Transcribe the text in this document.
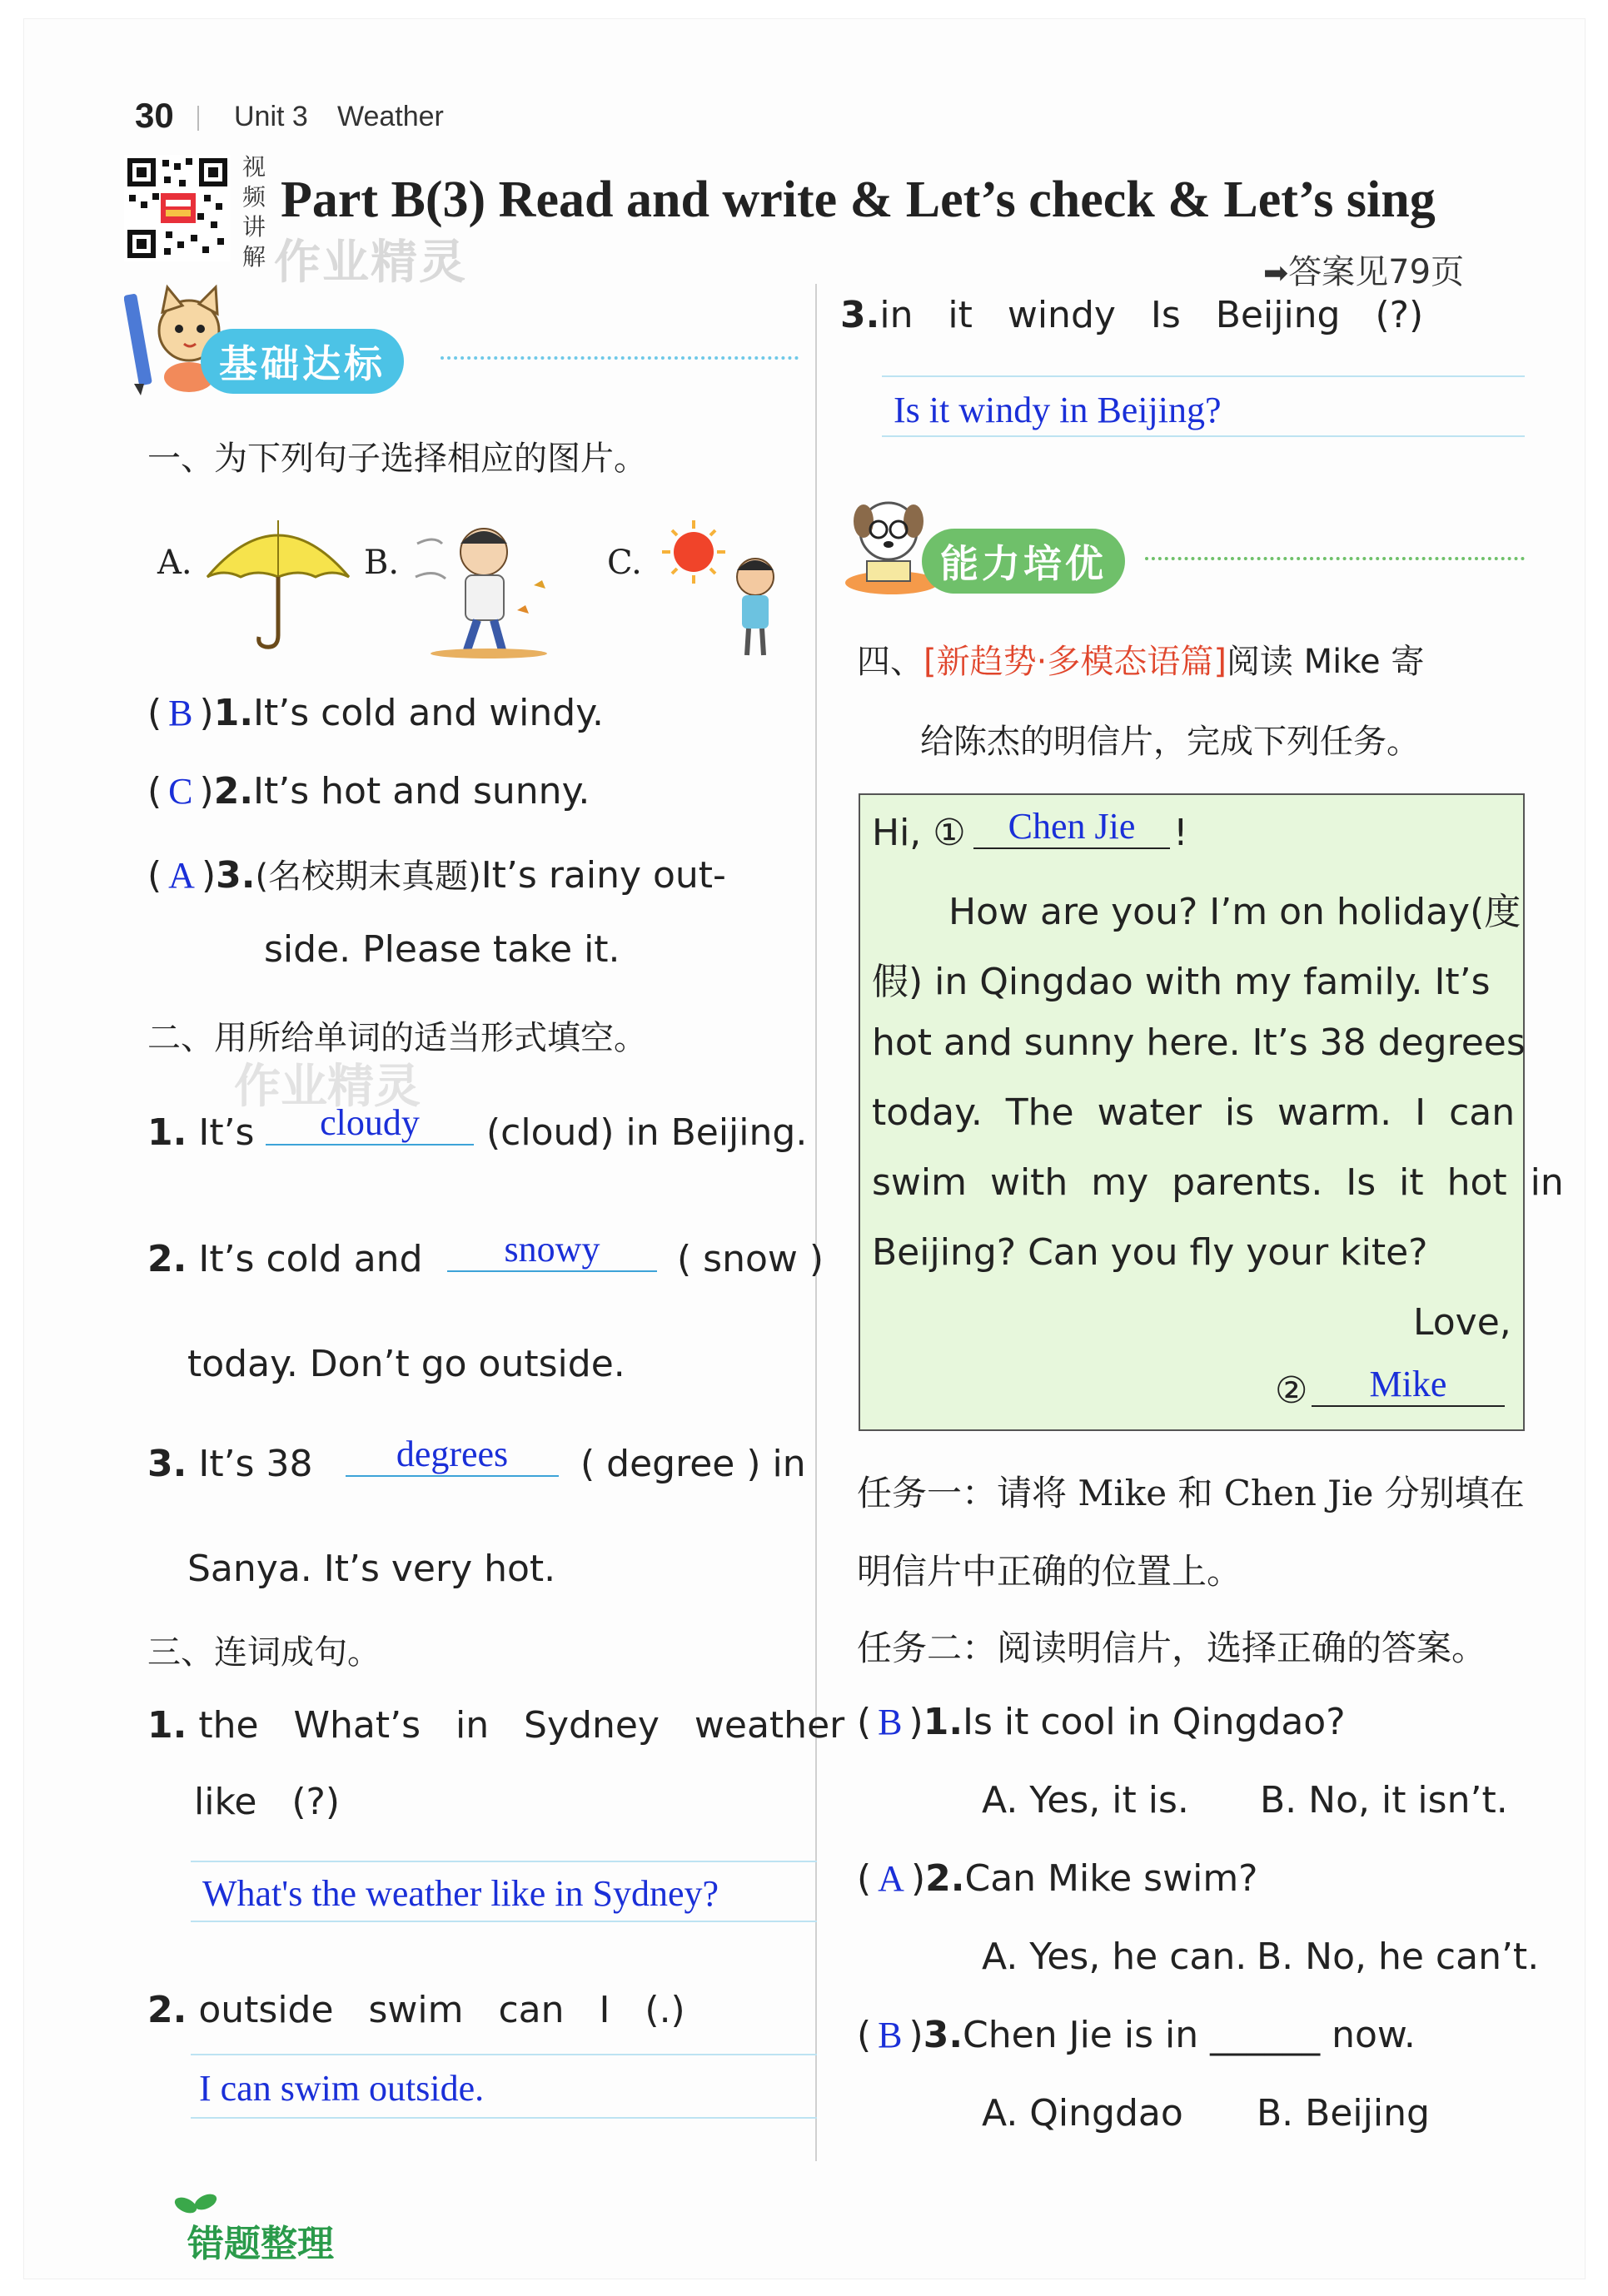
30 Unit 3 Weather
视频讲解 作业精灵
Part B(3) Read and write & Let’s check & Let’s sing
➡答案见79页
基础达标
一、为下列句子选择相应的图片。
A.	B.	C.
( B )1.It’s cold and windy.
( C )2.It’s hot and sunny.
( A )3.(名校期末真题)It’s rainy out-
side. Please take it.
二、用所给单词的适当形式填空。
作业精灵
1. It’s	cloudy	(cloud) in Beijing.
2. It’s cold and	snowy	( snow )
today. Don’t go outside.
3. It’s 38	degrees	( degree ) in
Sanya. It’s very hot.
三、连词成句。
1. the   What’s   in   Sydney   weather
like   (?)
What's the weather like in Sydney?
2. outside   swim   can   I   (.)
I can swim outside.
错题整理
3.in   it   windy   Is   Beijing   (?)
Is it windy in Beijing?
能力培优
四、[新趋势·多模态语篇]阅读 Mike 寄
给陈杰的明信片，完成下列任务。
Hi, ①	Chen Jie	!
How are you? I’m on holiday(度
假) in Qingdao with my family. It’s
hot and sunny here. It’s 38 degrees
today.  The  water  is  warm.  I  can
swim  with  my  parents.  Is  it  hot  in
Beijing? Can you fly your kite?
Love,
②	Mike
任务一：请将 Mike 和 Chen Jie 分别填在
明信片中正确的位置上。
任务二：阅读明信片，选择正确的答案。
( B )1.Is it cool in Qingdao?
A. Yes, it is. B. No, it isn’t.
( A )2.Can Mike swim?
A. Yes, he can. B. No, he can’t.
( B )3.Chen Jie is in ______ now.
A. Qingdao B. Beijing
